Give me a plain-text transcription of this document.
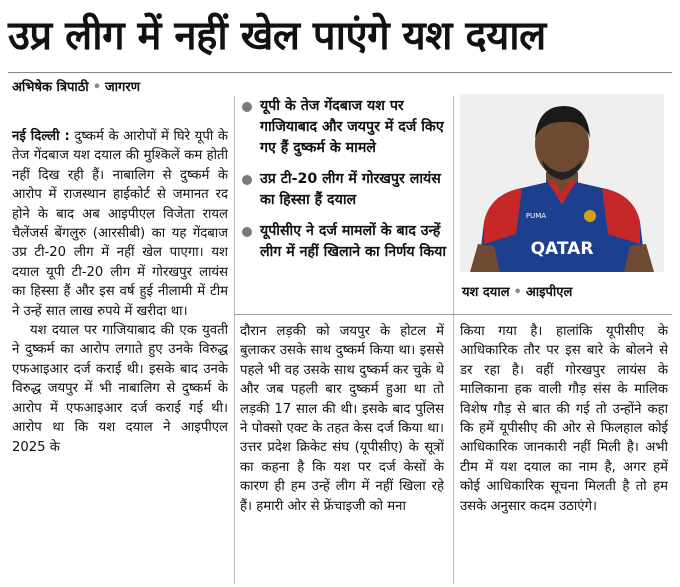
उप्र लीग में नहीं खेल पाएंगे यश दयाल
अभिषेक त्रिपाठी • जागरण

नई दिल्ली : दुष्कर्म के आरोपों में घिरे यूपी के तेज गेंदबाज यश दयाल की मुश्किलें कम होती नहीं दिख रही हैं। नाबालिग से दुष्कर्म के आरोप में राजस्थान हाईकोर्ट से जमानत रद होने के बाद अब आइपीएल विजेता रायल चैलेंजर्स बेंगलुरु (आरसीबी) का यह गेंदबाज उप्र टी-20 लीग में नहीं खेल पाएगा। यश दयाल यूपी टी-20 लीग में गोरखपुर लायंस का हिस्सा हैं और इस वर्ष हुई नीलामी में टीम ने उन्हें सात लाख रुपये में खरीदा था।

यश दयाल पर गाजियाबाद की एक युवती ने दुष्कर्म का आरोप लगाते हुए उनके विरुद्ध एफआइआर दर्ज कराई थी। इसके बाद उनके विरुद्ध जयपुर में भी नाबालिग से दुष्कर्म के आरोप में एफआइआर दर्ज कराई गई थी। आरोप था कि यश दयाल ने आइपीएल 2025 के

यूपी के तेज गेंदबाज यश पर गाजियाबाद और जयपुर में दर्ज किए गए हैं दुष्कर्म के मामले
उप्र टी-20 लीग में गोरखपुर लायंस का हिस्सा हैं दयाल
यूपीसीए ने दर्ज मामलों के बाद उन्हें लीग में नहीं खिलाने का निर्णय किया	QATAR
PUMA
यश दयाल • आइपीएल

दौरान लड़की को जयपुर के होटल में बुलाकर उसके साथ दुष्कर्म किया था। इससे पहले भी वह उसके साथ दुष्कर्म कर चुके थे और जब पहली बार दुष्कर्म हुआ था तो लड़की 17 साल की थी। इसके बाद पुलिस ने पोक्सो एक्ट के तहत केस दर्ज किया था। उत्तर प्रदेश क्रिकेट संघ (यूपीसीए) के सूत्रों का कहना है कि यश पर दर्ज केसों के कारण ही हम उन्हें लीग में नहीं खिला रहे हैं। हमारी ओर से फ्रेंचाइजी को मना

किया गया है। हालांकि यूपीसीए के आधिकारिक तौर पर इस बारे के बोलने से डर रहा है। वहीं गोरखपुर लायंस के मालिकाना हक वाली गौड़ संस के मालिक विशेष गौड़ से बात की गई तो उन्होंने कहा कि हमें यूपीसीए की ओर से फिलहाल कोई आधिकारिक जानकारी नहीं मिली है। अभी टीम में यश दयाल का नाम है, अगर हमें कोई आधिकारिक सूचना मिलती है तो हम उसके अनुसार कदम उठाएंगे।
